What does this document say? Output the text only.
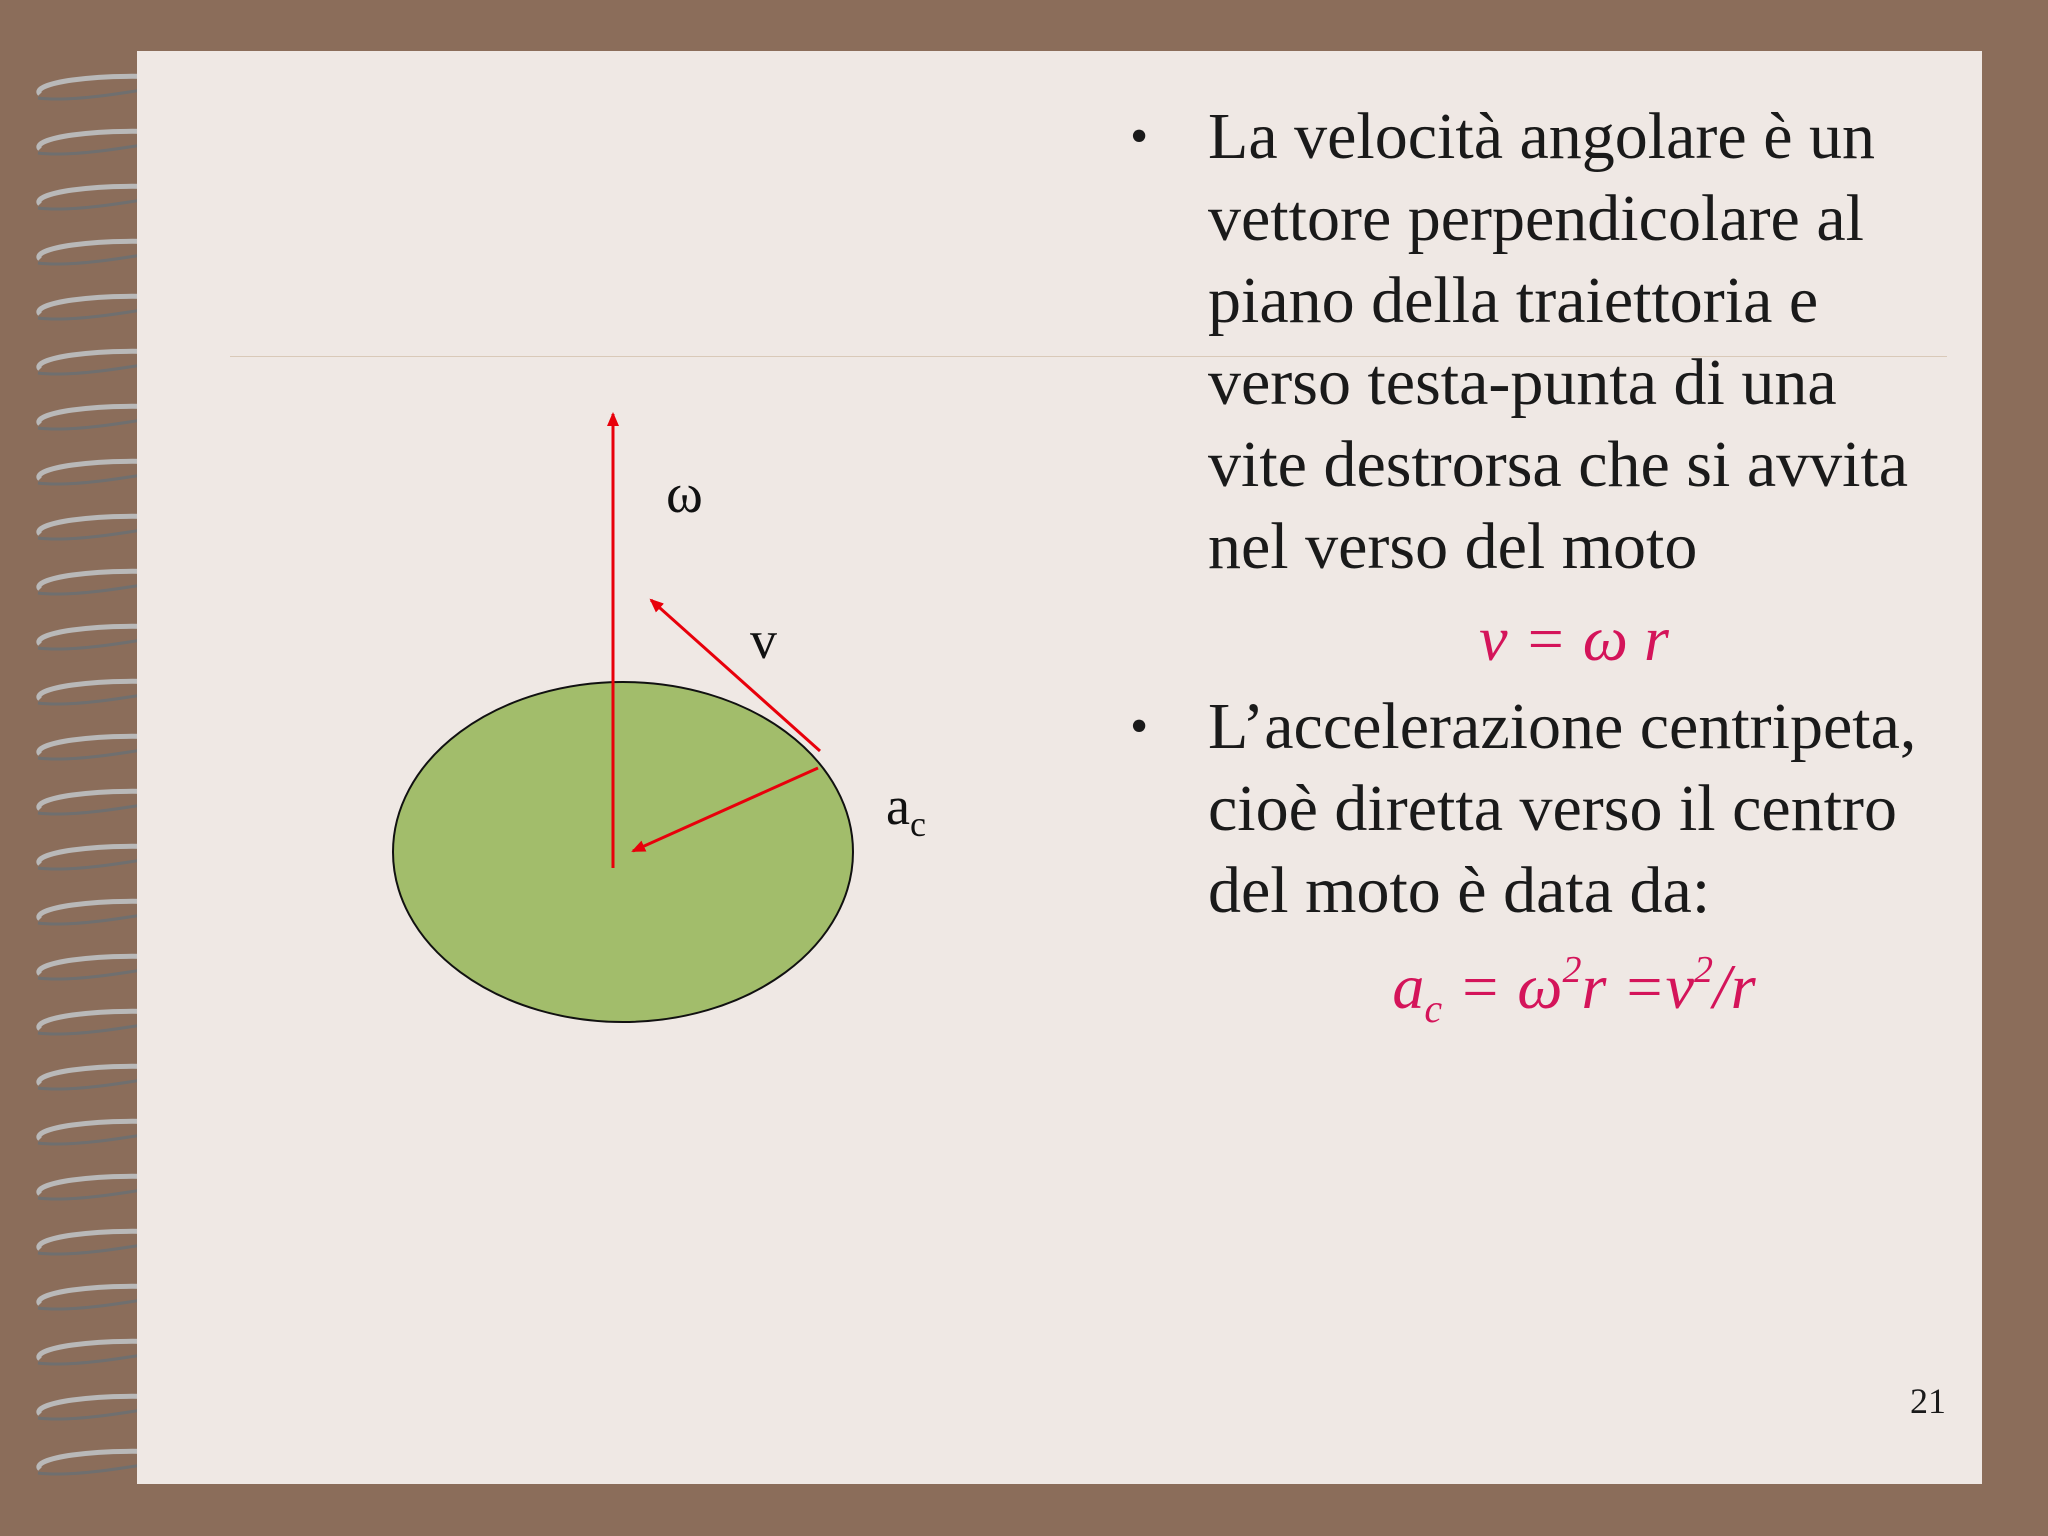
ω
v
$a_c$
• La velocità angolare è un vettore perpendicolare al piano della traiettoria e verso testa-punta di una vite destrorsa che si avvita nel verso del moto
v = ω r
• L’accelerazione centripeta, cioè diretta verso il centro del moto è data da:
$a_c = \omega^2r =v^2/r$
21
